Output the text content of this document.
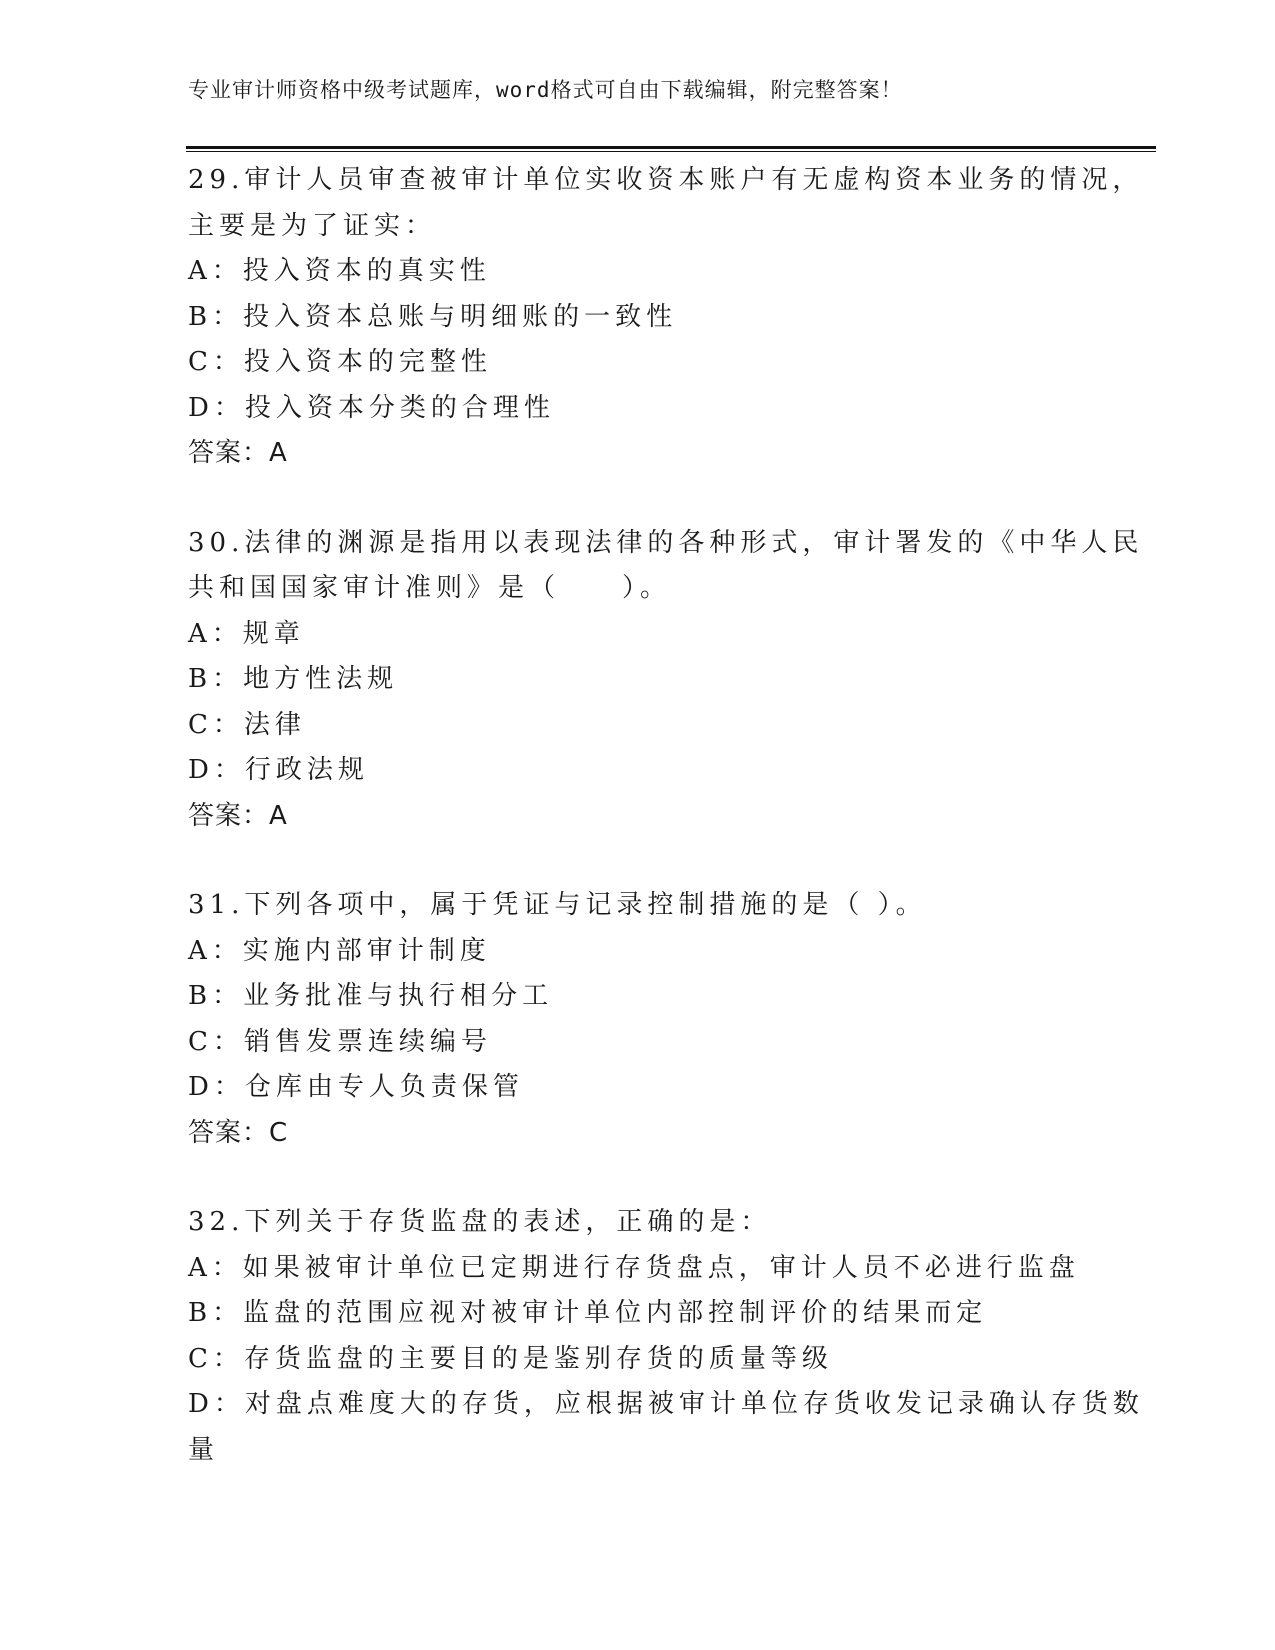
专业审计师资格中级考试题库，word格式可自由下载编辑，附完整答案！
29.审计人员审查被审计单位实收资本账户有无虚构资本业务的情况，
主要是为了证实：
A：投入资本的真实性
B：投入资本总账与明细账的一致性
C：投入资本的完整性
D：投入资本分类的合理性
答案：A
30.法律的渊源是指用以表现法律的各种形式，审计署发的《中华人民
共和国国家审计准则》是（　　）。
A：规章
B：地方性法规
C：法律
D：行政法规
答案：A
31.下列各项中，属于凭证与记录控制措施的是（ ）。
A：实施内部审计制度
B：业务批准与执行相分工
C：销售发票连续编号
D：仓库由专人负责保管
答案：C
32.下列关于存货监盘的表述，正确的是：
A：如果被审计单位已定期进行存货盘点，审计人员不必进行监盘
B：监盘的范围应视对被审计单位内部控制评价的结果而定
C：存货监盘的主要目的是鉴别存货的质量等级
D：对盘点难度大的存货，应根据被审计单位存货收发记录确认存货数
量
